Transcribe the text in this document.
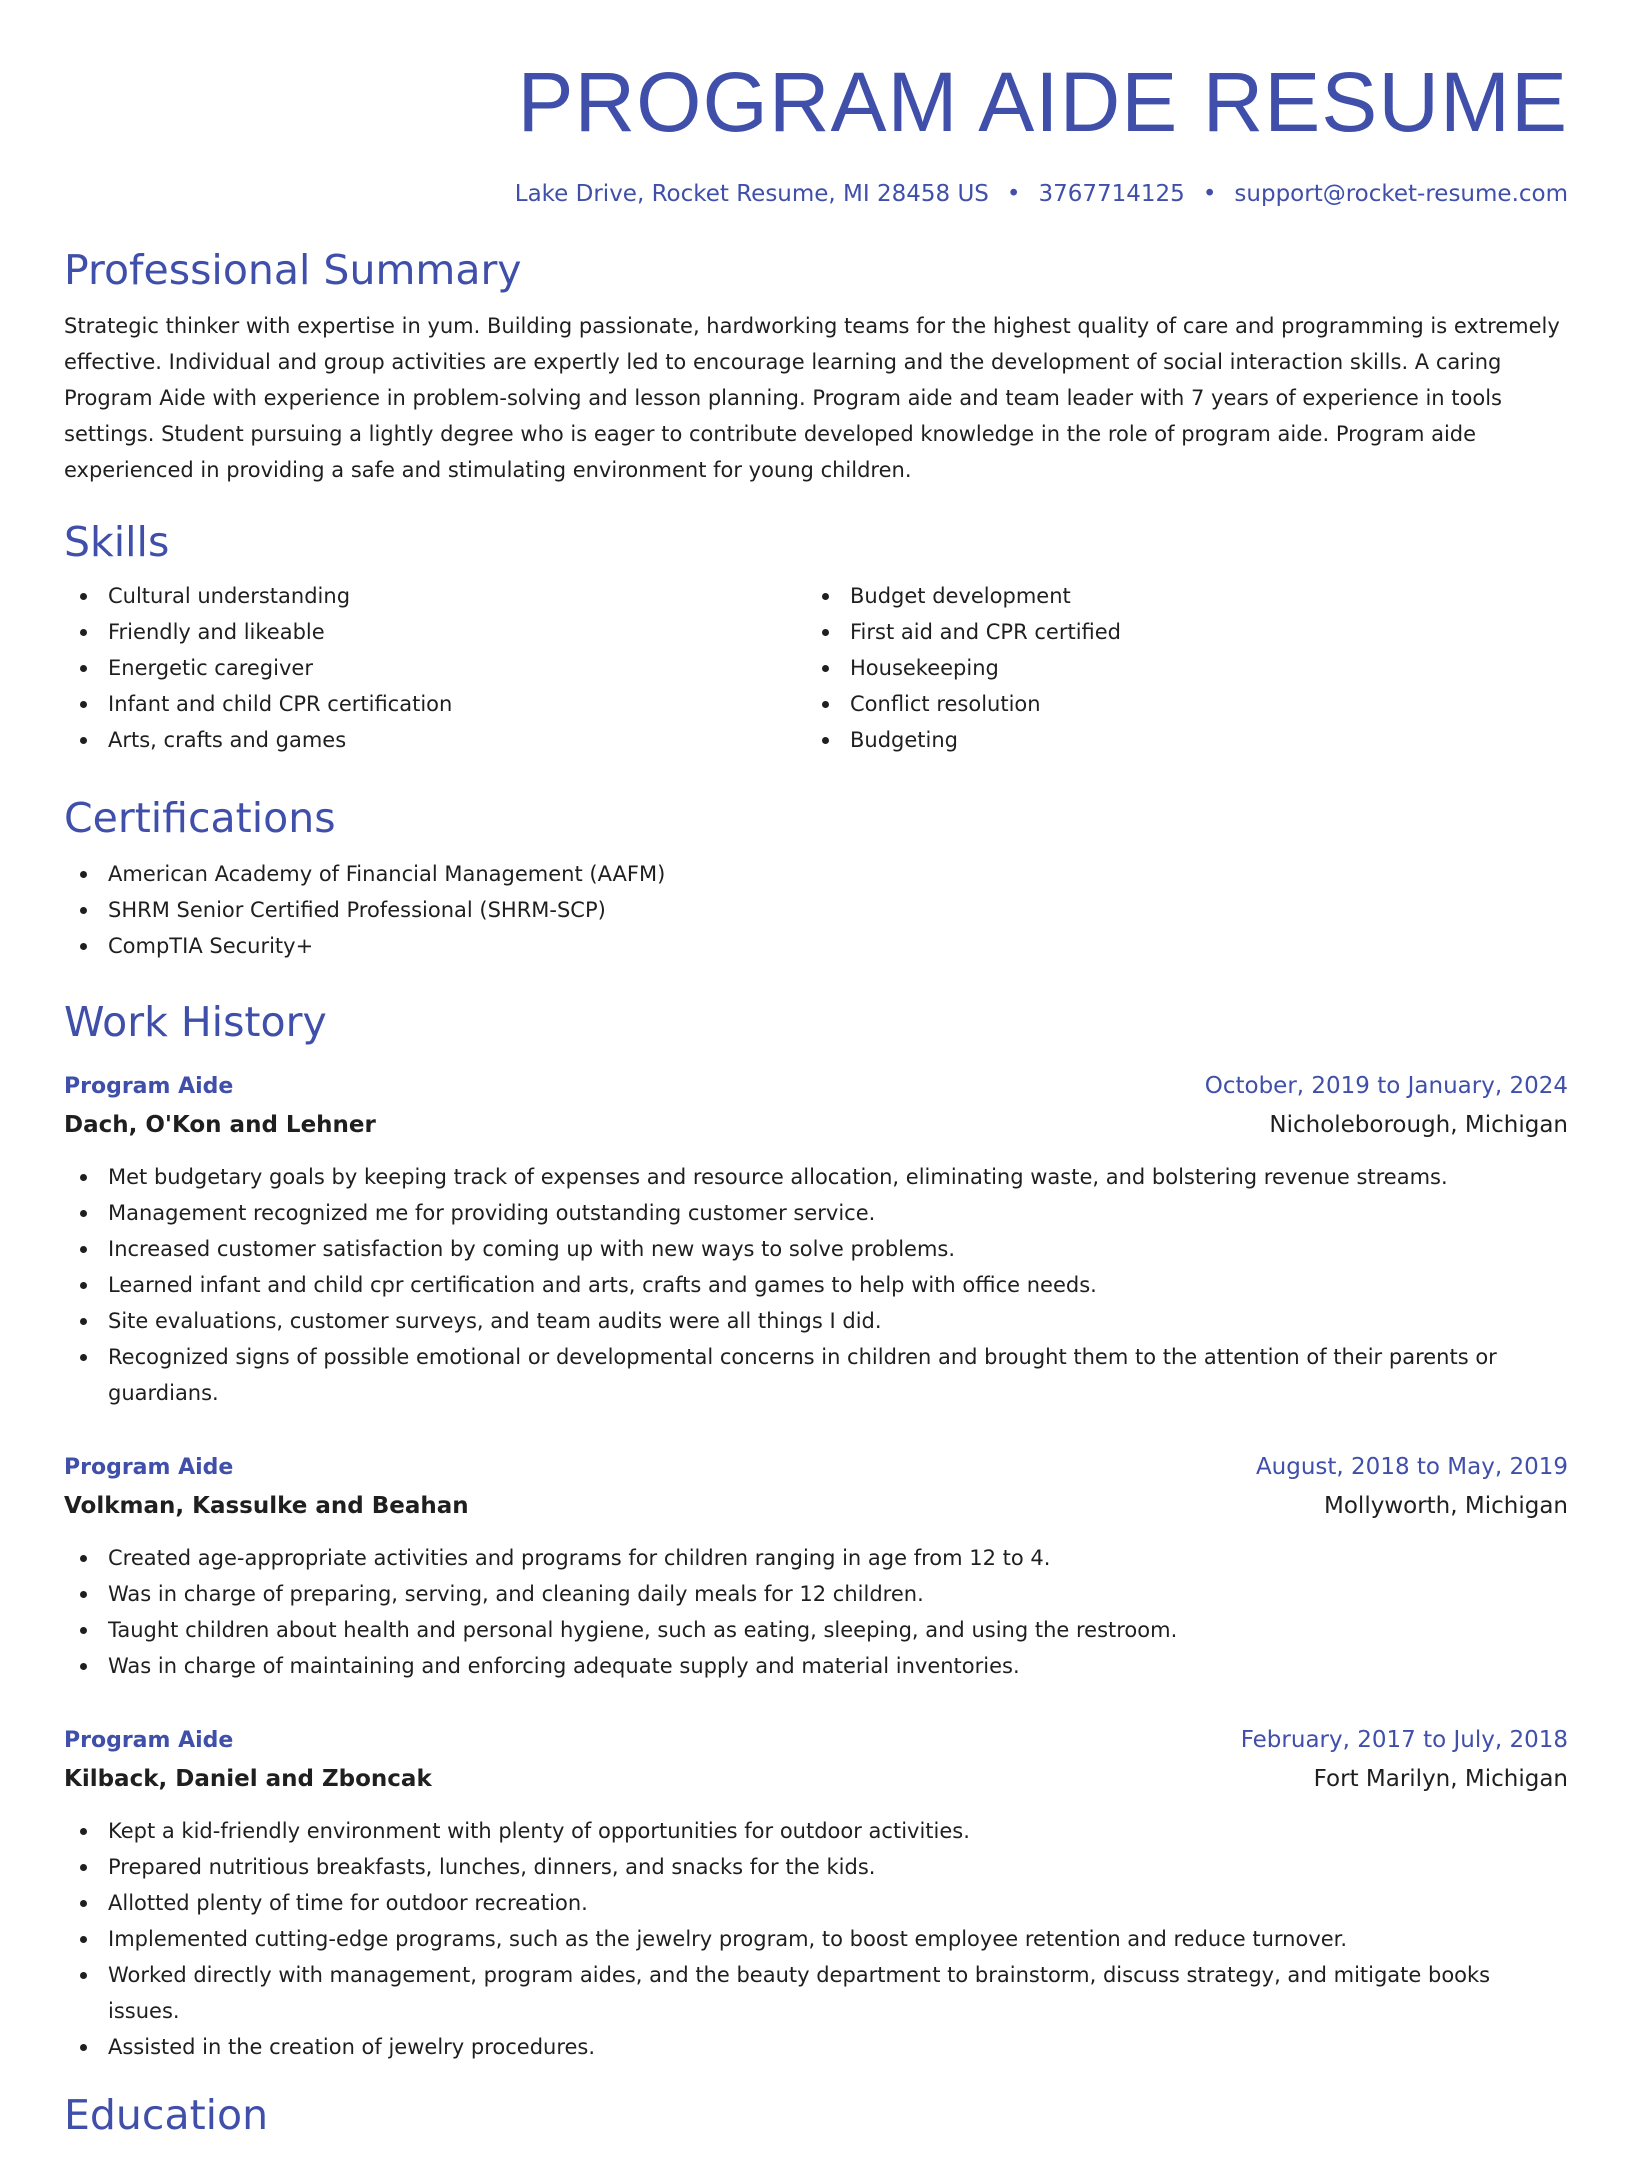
PROGRAM AIDE RESUME
Lake Drive, Rocket Resume, MI 28458 US • 3767714125 • support@rocket-resume.com
Professional Summary

Strategic thinker with expertise in yum. Building passionate, hardworking teams for the highest quality of care and programming is extremely effective. Individual and group activities are expertly led to encourage learning and the development of social interaction skills. A caring Program Aide with experience in problem-solving and lesson planning. Program aide and team leader with 7 years of experience in tools settings. Student pursuing a lightly degree who is eager to contribute developed knowledge in the role of program aide. Program aide experienced in providing a safe and stimulating environment for young children.

Skills
Cultural understanding
Friendly and likeable
Energetic caregiver
Infant and child CPR certification
Arts, crafts and games
Budget development
First aid and CPR certified
Housekeeping
Conflict resolution
Budgeting
Certifications
American Academy of Financial Management (AAFM)
SHRM Senior Certified Professional (SHRM-SCP)
CompTIA Security+
Work History
Program Aide	October, 2019 to January, 2024
Dach, O'Kon and Lehner	Nicholeborough, Michigan
Met budgetary goals by keeping track of expenses and resource allocation, eliminating waste, and bolstering revenue streams.
Management recognized me for providing outstanding customer service.
Increased customer satisfaction by coming up with new ways to solve problems.
Learned infant and child cpr certification and arts, crafts and games to help with office needs.
Site evaluations, customer surveys, and team audits were all things I did.
Recognized signs of possible emotional or developmental concerns in children and brought them to the attention of their parents or guardians.
Program Aide	August, 2018 to May, 2019
Volkman, Kassulke and Beahan	Mollyworth, Michigan
Created age-appropriate activities and programs for children ranging in age from 12 to 4.
Was in charge of preparing, serving, and cleaning daily meals for 12 children.
Taught children about health and personal hygiene, such as eating, sleeping, and using the restroom.
Was in charge of maintaining and enforcing adequate supply and material inventories.
Program Aide	February, 2017 to July, 2018
Kilback, Daniel and Zboncak	Fort Marilyn, Michigan
Kept a kid-friendly environment with plenty of opportunities for outdoor activities.
Prepared nutritious breakfasts, lunches, dinners, and snacks for the kids.
Allotted plenty of time for outdoor recreation.
Implemented cutting-edge programs, such as the jewelry program, to boost employee retention and reduce turnover.
Worked directly with management, program aides, and the beauty department to brainstorm, discuss strategy, and mitigate books issues.
Assisted in the creation of jewelry procedures.
Education
